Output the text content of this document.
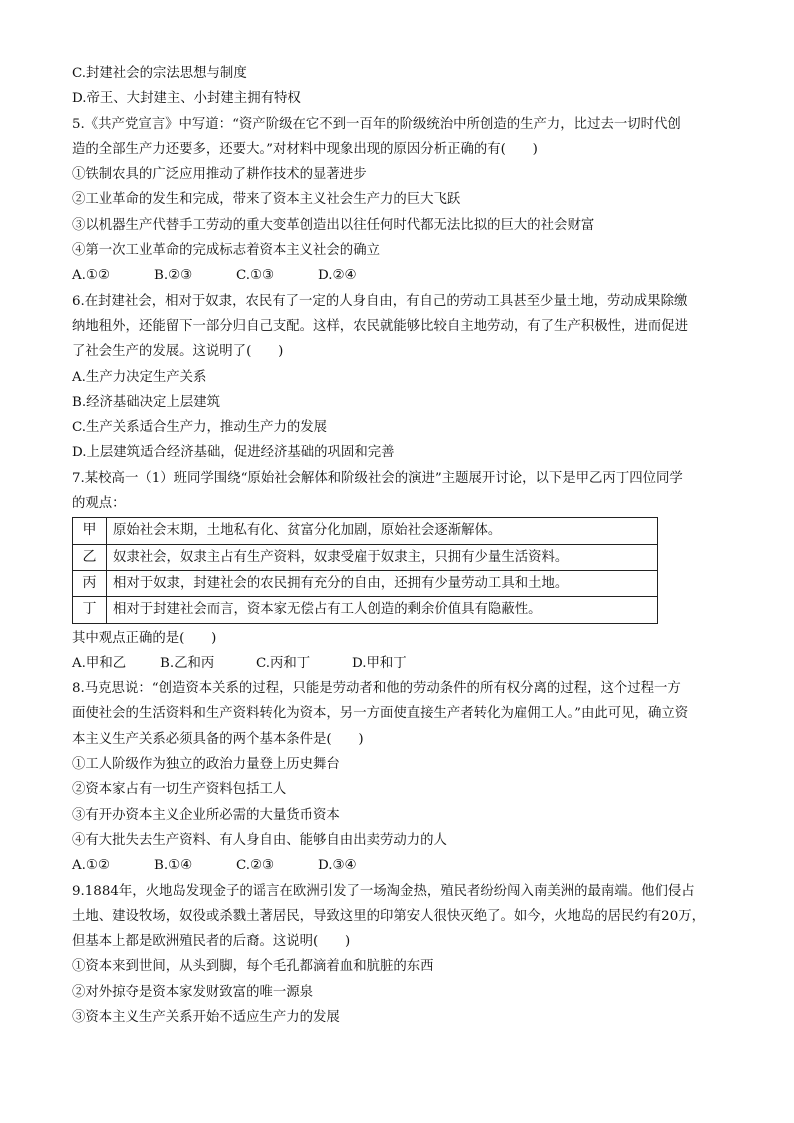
C.封建社会的宗法思想与制度
D.帝王、大封建主、小封建主拥有特权
5.《共产党宣言》中写道：“资产阶级在它不到一百年的阶级统治中所创造的生产力，比过去一切时代创
造的全部生产力还要多，还要大。”对材料中现象出现的原因分析正确的有(　　)
①铁制农具的广泛应用推动了耕作技术的显著进步
②工业革命的发生和完成，带来了资本主义社会生产力的巨大飞跃
③以机器生产代替手工劳动的重大变革创造出以往任何时代都无法比拟的巨大的社会财富
④第一次工业革命的完成标志着资本主义社会的确立
A.①②	B.②③	C.①③	D.②④
6.在封建社会，相对于奴隶，农民有了一定的人身自由，有自己的劳动工具甚至少量土地，劳动成果除缴
纳地租外，还能留下一部分归自己支配。这样，农民就能够比较自主地劳动，有了生产积极性，进而促进
了社会生产的发展。这说明了(　　)
A.生产力决定生产关系
B.经济基础决定上层建筑
C.生产关系适合生产力，推动生产力的发展
D.上层建筑适合经济基础，促进经济基础的巩固和完善
7.某校高一（1）班同学围绕“原始社会解体和阶级社会的演进”主题展开讨论，以下是甲乙丙丁四位同学
的观点：
甲	原始社会末期，土地私有化、贫富分化加剧，原始社会逐渐解体。
乙	奴隶社会，奴隶主占有生产资料，奴隶受雇于奴隶主，只拥有少量生活资料。
丙	相对于奴隶，封建社会的农民拥有充分的自由，还拥有少量劳动工具和土地。
丁	相对于封建社会而言，资本家无偿占有工人创造的剩余价值具有隐蔽性。
其中观点正确的是(　　)
A.甲和乙	B.乙和丙	C.丙和丁	D.甲和丁
8.马克思说：“创造资本关系的过程，只能是劳动者和他的劳动条件的所有权分离的过程，这个过程一方
面使社会的生活资料和生产资料转化为资本，另一方面使直接生产者转化为雇佣工人。”由此可见，确立资
本主义生产关系必须具备的两个基本条件是(　　)
①工人阶级作为独立的政治力量登上历史舞台
②资本家占有一切生产资料包括工人
③有开办资本主义企业所必需的大量货币资本
④有大批失去生产资料、有人身自由、能够自由出卖劳动力的人
A.①②	B.①④	C.②③	D.③④
9.1884年，火地岛发现金子的谣言在欧洲引发了一场淘金热，殖民者纷纷闯入南美洲的最南端。他们侵占
土地、建设牧场，奴役或杀戮土著居民，导致这里的印第安人很快灭绝了。如今，火地岛的居民约有20万，
但基本上都是欧洲殖民者的后裔。这说明(　　)
①资本来到世间，从头到脚，每个毛孔都滴着血和肮脏的东西
②对外掠夺是资本家发财致富的唯一源泉
③资本主义生产关系开始不适应生产力的发展
